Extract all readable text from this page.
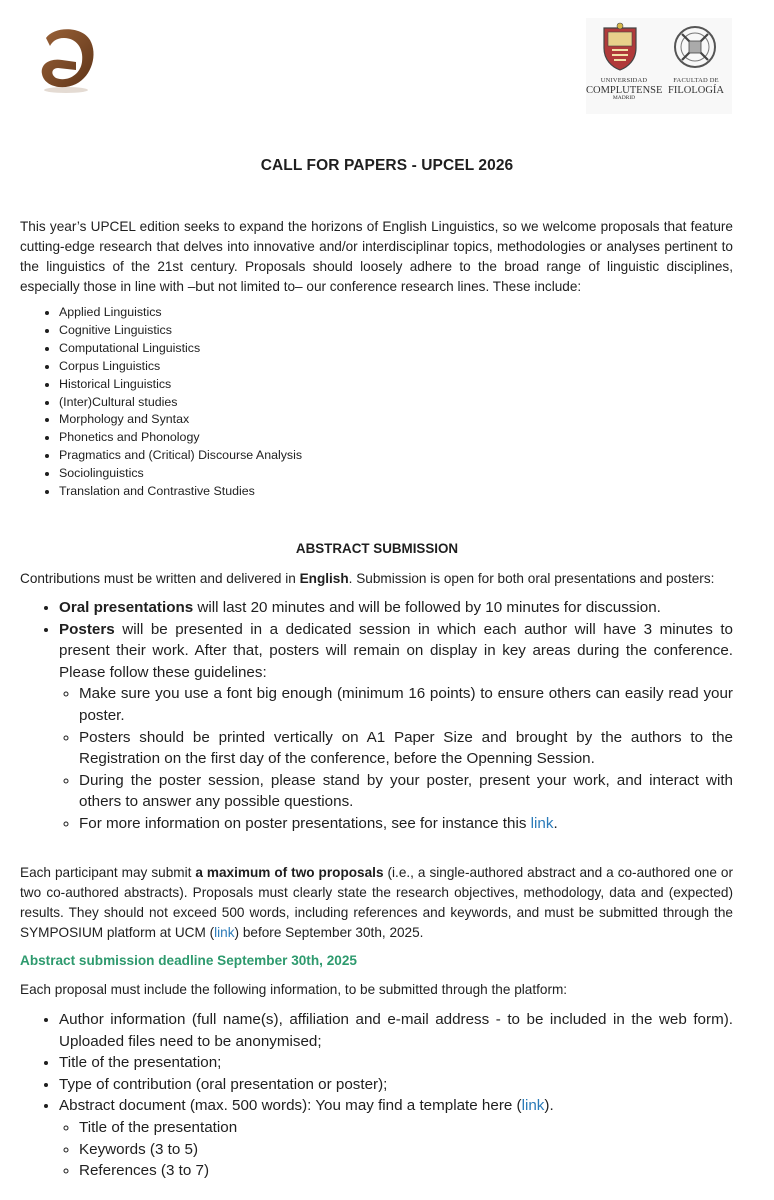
UNIVERSIDAD
COMPLUTENSE
MADRID
FACULTAD DE
FILOLOGÍA
CALL FOR PAPERS - UPCEL 2026

This year’s UPCEL edition seeks to expand the horizons of English Linguistics, so we welcome proposals that feature cutting-edge research that delves into innovative and/or interdisciplinar topics, methodologies or analyses pertinent to the linguistics of the 21st century. Proposals should loosely adhere to the broad range of linguistic disciplines, especially those in line with –but not limited to– our conference research lines. These include:

• Applied Linguistics
• Cognitive Linguistics
• Computational Linguistics
• Corpus Linguistics
• Historical Linguistics
• (Inter)Cultural studies
• Morphology and Syntax
• Phonetics and Phonology
• Pragmatics and (Critical) Discourse Analysis
• Sociolinguistics
• Translation and Contrastive Studies
ABSTRACT SUBMISSION

Contributions must be written and delivered in English. Submission is open for both oral presentations and posters:

• Oral presentations will last 20 minutes and will be followed by 10 minutes for discussion.
• Posters will be presented in a dedicated session in which each author will have 3 minutes to present their work. After that, posters will remain on display in key areas during the conference. Please follow these guidelines:
◦ Make sure you use a font big enough (minimum 16 points) to ensure others can easily read your poster.
◦ Posters should be printed vertically on A1 Paper Size and brought by the authors to the Registration on the first day of the conference, before the Openning Session.
◦ During the poster session, please stand by your poster, present your work, and interact with others to answer any possible questions.
◦ For more information on poster presentations, see for instance this link.

Each participant may submit a maximum of two proposals (i.e., a single-authored abstract and a co-authored one or two co-authored abstracts). Proposals must clearly state the research objectives, methodology, data and (expected) results. They should not exceed 500 words, including references and keywords, and must be submitted through the SYMPOSIUM platform at UCM (link) before September 30th, 2025.

Abstract submission deadline September 30th, 2025

Each proposal must include the following information, to be submitted through the platform:

• Author information (full name(s), affiliation and e-mail address - to be included in the web form). Uploaded files need to be anonymised;
• Title of the presentation;
• Type of contribution (oral presentation or poster);
• Abstract document (max. 500 words): You may find a template here (link).
◦ Title of the presentation
◦ Keywords (3 to 5)
◦ References (3 to 7)
